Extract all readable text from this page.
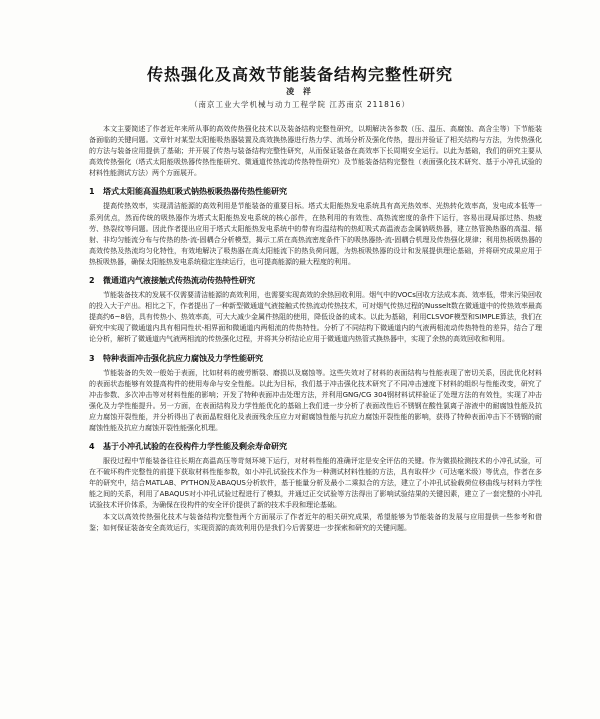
传热强化及高效节能装备结构完整性研究
凌 祥
（南京工业大学机械与动力工程学院 江苏南京 211816）

本文主要简述了作者近年来所从事的高效传热强化技术以及装备结构完整性研究，以期解决各参数（压、温压、高腐蚀、高含尘等）下节能装备面临的关键问题。文章针对某型太阳能吸热器装置及高效换热器进行热力学、流场分析及强化传热，提出并验证了相关结构与方法，为传热强化的方法与装备应用提供了基础；并开展了传热与装备结构完整性研究，从而保证装备在高效率下长周期安全运行。以此为基础，我们的研究主要从高效传热强化（塔式太阳能吸热器传热性能研究、微通道传热流动传热特性研究）及节能装备结构完整性（表面强化技术研究、基于小冲孔试验的材料性能测试方法）两个方面展开。

1 塔式太阳能高温热虹吸式钠热板吸热器传热性能研究

提高传热效率，实现清洁能源的高效利用是节能装备的重要目标。塔式太阳能热发电系统具有高光热效率、光热转化效率高，发电成本低等一系列优点，然而传统的吸热器作为塔式太阳能热发电系统的核心部件，在热利用的有效性、高热流密度的条件下运行，容易出现局部过热、热疲劳、热裂纹等问题。因此作者提出应用于塔式太阳能热发电系统中的带有均温结构的热虹吸式高温液态金属钠吸热器，建立热管换热器的高温、辐射、非均匀能流分布与传热的热-流-固耦合分析模型，揭示工质在高热流密度条件下的吸热器热-流-固耦合机理及传热强化规律；利用热板吸热器的高效传热及热流均匀化特性，有效地解决了吸热器在高太阳能流下的热负荷问题，为热板吸热器的设计和发展提供理论基础，并将研究成果应用于热板吸热器，确保太阳能热发电系统稳定连续运行，也可提高能源的最大程度的利用。

2 微通道内气液接触式传热流动传热特性研究

节能装备技术的发展不仅需要清洁能源的高效利用，也需要实现高效的余热回收利用。烟气中的VOCs回收方法成本高、效率低，带来污染回收的投入大于产出。相比之下，作者提出了一种新型微通道气液接触式传热流动传热技术，可对烟气传热过程的Nusselt数在微通道中的传热效率最高提高约6~8倍，具有传热小、热效率高，可大大减少金属件热阻的使用，降低设备的成本。以此为基础，利用CLSVOF模型和SIMPLE算法，我们在研究中实现了微通道内具有相同性状-相界面和微通道内两相流的传热特性。分析了不同结构下微通道内的气液两相流动传热特性的差异，结合了理论分析，解析了微通道内气液两相流的传热强化过程，并将其分析结论应用于微通道内热管式换热器中，实现了余热的高效回收和利用。

3 特种表面冲击强化抗应力腐蚀及力学性能研究

节能装备的失效一般始于表面，比如材料的疲劳断裂、磨损以及腐蚀等。这些失效对了材料的表面结构与性能表现了密切关系，因此优化材料的表面状态能够有效提高构件的使用寿命与安全性能。以此为目标，我们基于冲击强化技术研究了不同冲击速度下材料的组织与性能改变，研究了冲击参数、多次冲击等对材料性能的影响；开发了特种表面冲击处理方法，并利用GNG/CG 304钢材料试样验证了处理方法的有效性，实现了冲击强化及力学性能提升。另一方面，在表面结构及力学性能优化的基础上我们进一步分析了表面改性后不锈钢在酸性氯离子溶液中的耐腐蚀性能及抗应力腐蚀开裂性能，并分析得出了表面晶粒细化及表面残余压应力对耐腐蚀性能与抗应力腐蚀开裂性能的影响，获得了特种表面冲击下不锈钢的耐腐蚀性能及抗应力腐蚀开裂性能强化机理。

4 基于小冲孔试验的在役构件力学性能及剩余寿命研究

服役过程中节能装备往往长期在高温高压等苛刻环境下运行，对材料性能的准确评定是安全评估的关键。作为微损检测技术的小冲孔试验，可在不破坏构件完整性的前提下获取材料性能参数，如小冲孔试验技术作为一种测试材料性能的方法，具有取样少（可达毫米级）等优点，作者在多年的研究中，结合MATLAB、PYTHON及ABAQUS分析软件，基于能量分析及最小二乘拟合的方法，建立了小冲孔试验载荷位移曲线与材料力学性能之间的关系，利用了ABAQUS对小冲孔试验过程进行了模拟，并通过正交试验等方法得出了影响试验结果的关键因素，建立了一套完整的小冲孔试验技术评价体系，为确保在役构件的安全评价提供了新的技术手段和理论基础。

本文以高效传热强化技术与装备结构完整性两个方面展示了作者近年的相关研究成果，希望能够为节能装备的发展与应用提供一些参考和借鉴；如何保证装备安全高效运行，实现资源的高效利用仍是我们今后需要进一步探索和研究的关键问题。
